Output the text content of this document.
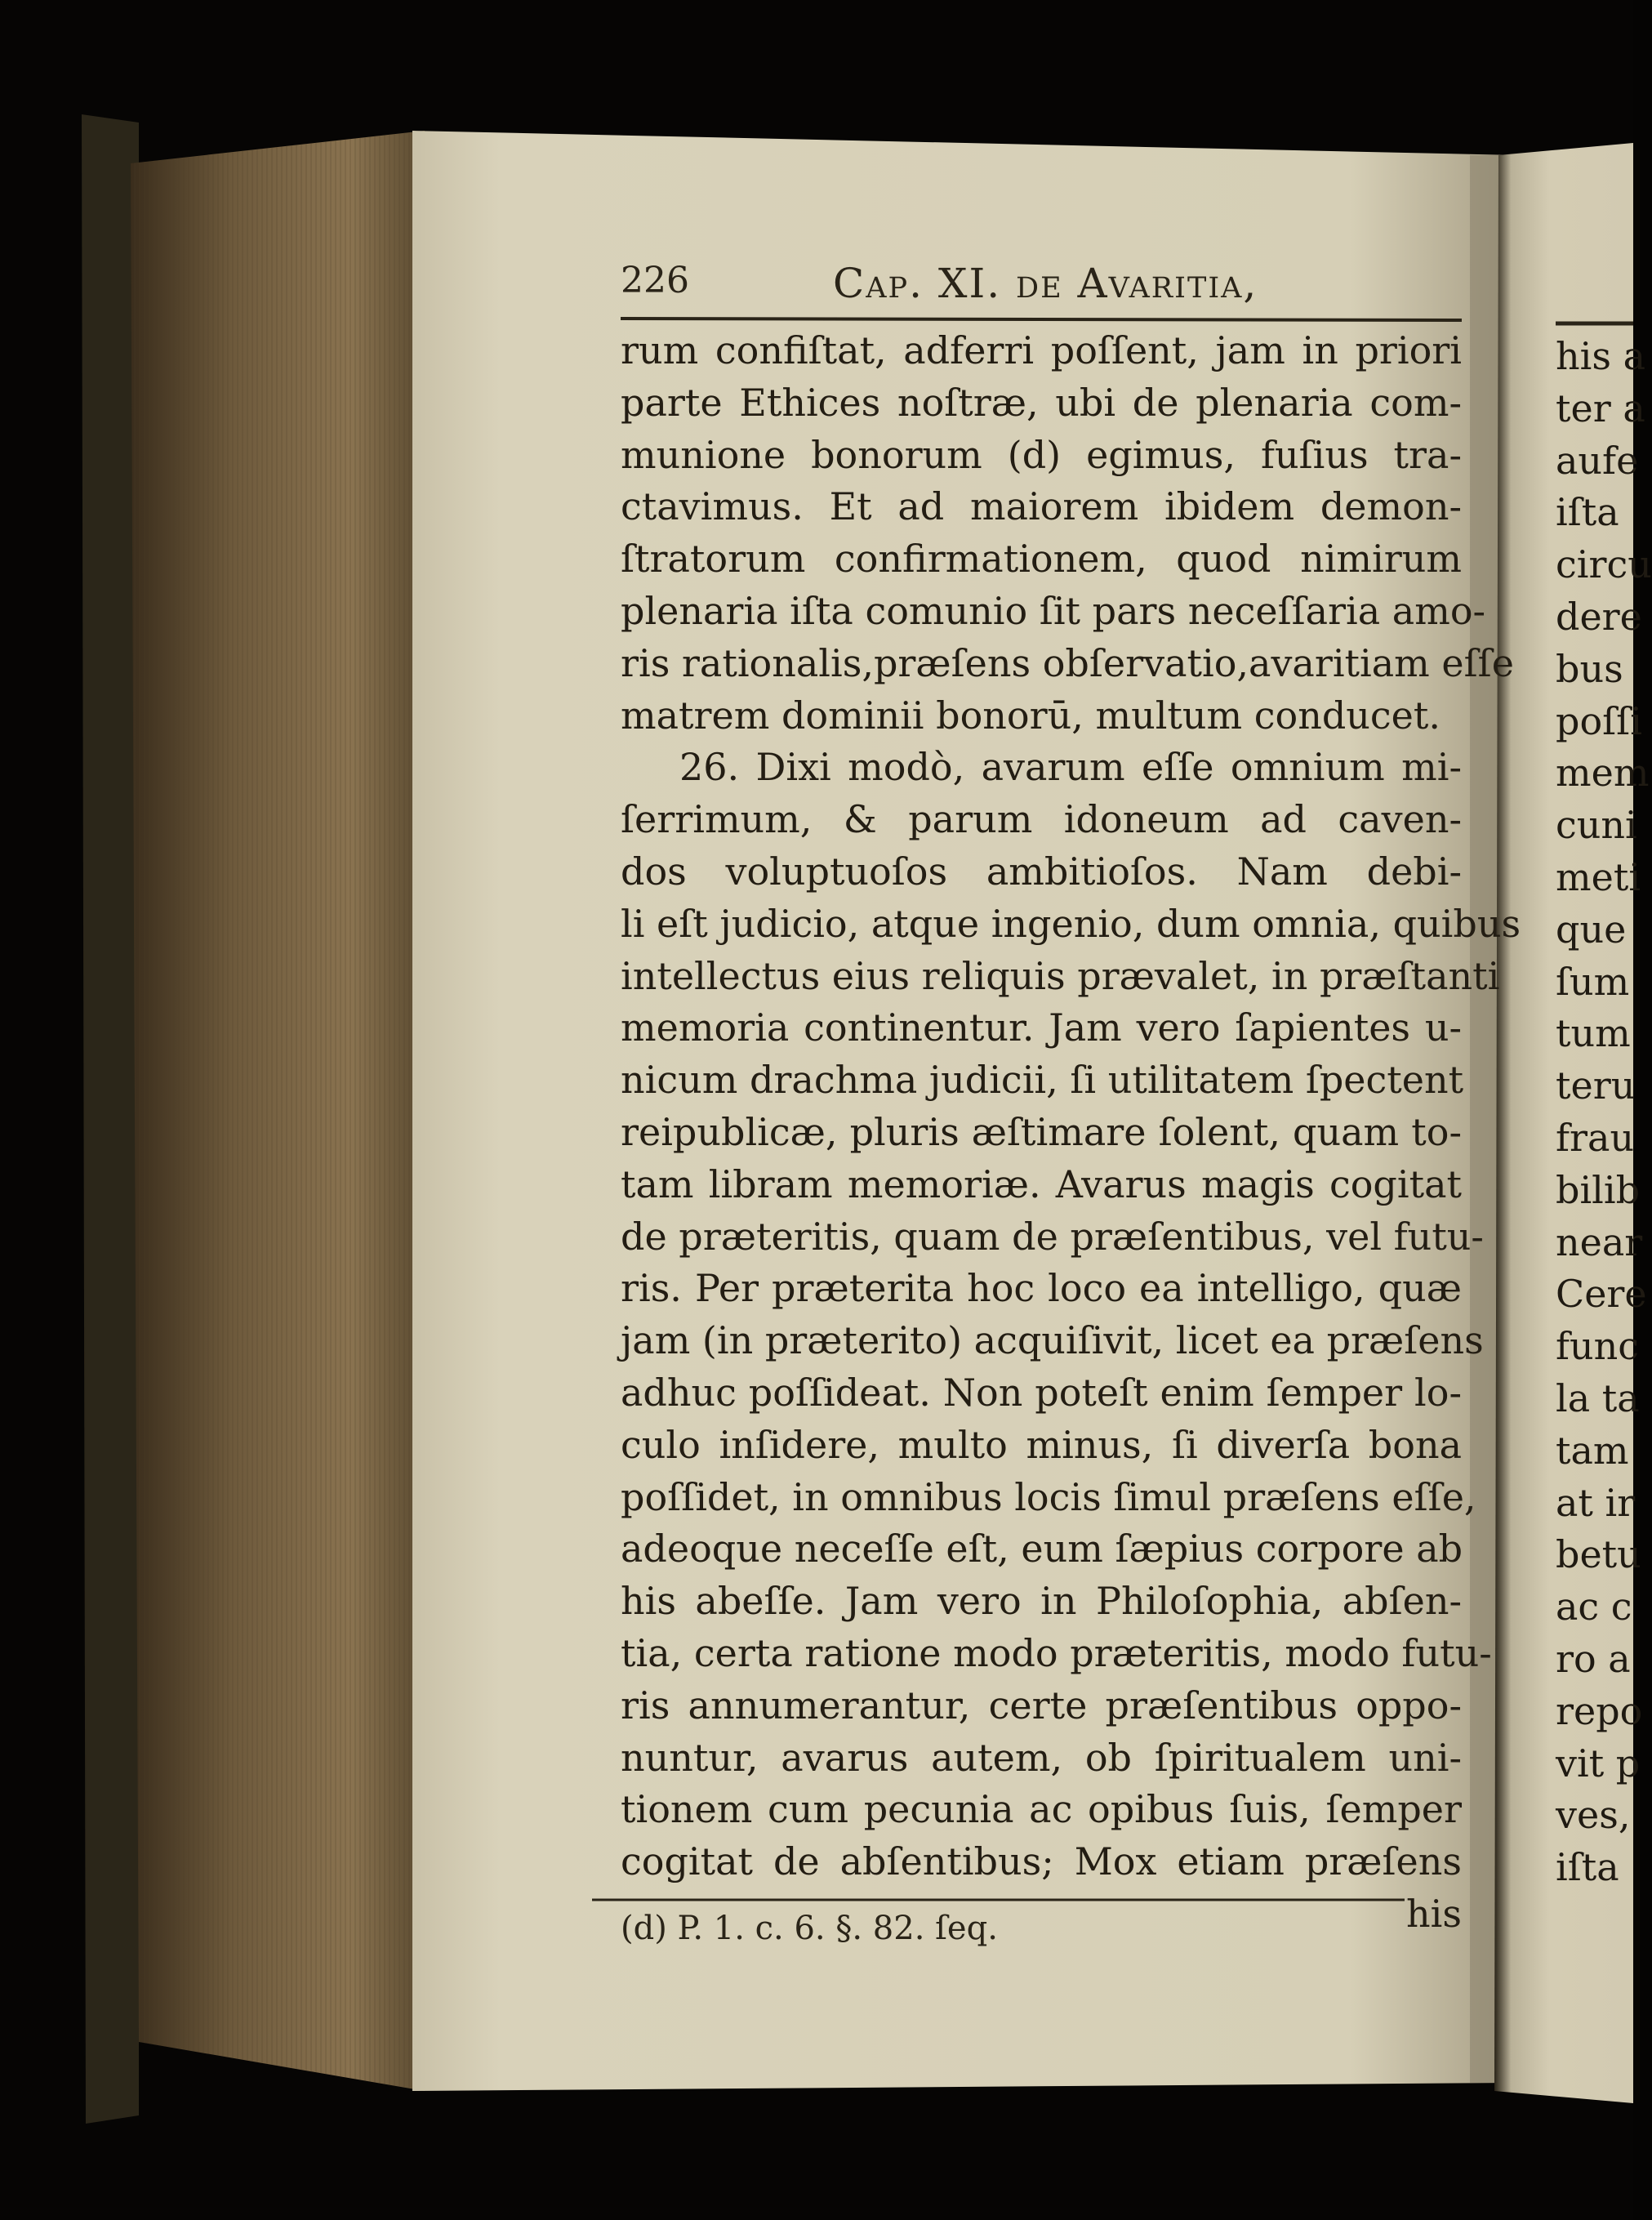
226	Cap. XI. de Avaritia,
rum confiſtat, adferri poſſent, jam in priori
parte Ethices noſtræ, ubi de plenaria com-
munione bonorum (d) egimus, fuſius tra-
ctavimus. Et ad maiorem ibidem demon-
ſtratorum confirmationem, quod nimirum
plenaria iſta comunio ſit pars neceſſaria amo-
ris rationalis,præſens obſervatio,avaritiam eſſe
matrem dominii bonorū, multum conducet.
26. Dixi modò, avarum eſſe omnium mi-
ſerrimum, & parum idoneum ad caven-
dos voluptuoſos ambitioſos. Nam debi-
li eſt judicio, atque ingenio, dum omnia, quibus
intellectus eius reliquis prævalet, in præſtanti
memoria continentur. Jam vero ſapientes u-
nicum drachma judicii, ſi utilitatem ſpectent
reipublicæ, pluris æſtimare ſolent, quam to-
tam libram memoriæ. Avarus magis cogitat
de præteritis, quam de præſentibus, vel futu-
ris. Per præterita hoc loco ea intelligo, quæ
jam (in præterito) acquiſivit, licet ea præſens
adhuc poſſideat. Non poteſt enim ſemper lo-
culo inſidere, multo minus, ſi diverſa bona
poſſidet, in omnibus locis ſimul præſens eſſe,
adeoque neceſſe eſt, eum ſæpius corpore ab
his abeſſe. Jam vero in Philoſophia, abſen-
tia, certa ratione modo præteritis, modo futu-
ris annumerantur, certe præſentibus oppo-
nuntur, avarus autem, ob ſpiritualem uni-
tionem cum pecunia ac opibus ſuis, ſemper
cogitat de abſentibus; Mox etiam præſens
his
(d) P. 1. c. 6. §. 82. ſeq.
his a
ter a
aufe
iſta
circu
dere
bus
poſſi
mem
cuni
meti
que
ſum
tum
teru
frau
bilib
near
Cere
func
la ta
tam
at ir
betu
ac c
ro a
repo
vit p
ves,
iſta
